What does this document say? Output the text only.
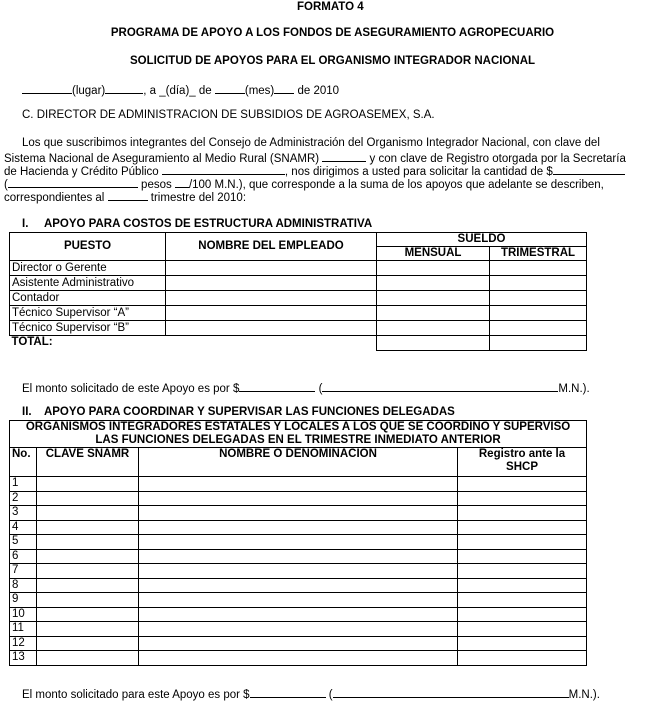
FORMATO 4
PROGRAMA DE APOYO A LOS FONDOS DE ASEGURAMIENTO AGROPECUARIO
SOLICITUD DE APOYOS PARA EL ORGANISMO INTEGRADOR NACIONAL
(lugar)	, a _(día)_ de	(mes) de 2010
C. DIRECTOR DE ADMINISTRACION DE SUBSIDIOS DE AGROASEMEX, S.A.
Los que suscribimos integrantes del Consejo de Administración del Organismo Integrador Nacional, con clave del
Sistema Nacional de Aseguramiento al Medio Rural (SNAMR)	y con clave de Registro otorgada por la Secretaría
de Hacienda y Crédito Público	, nos dirigimos a usted para solicitar la cantidad de $
(	pesos /100 M.N.), que corresponde a la suma de los apoyos que adelante se describen,
correspondientes al	trimestre del 2010:
I.     APOYO PARA COSTOS DE ESTRUCTURA ADMINISTRATIVA
PUESTO	NOMBRE DEL EMPLEADO	SUELDO	
		MENSUAL	TRIMESTRAL
Director o Gerente			
Asistente Administrativo			
Contador			
Técnico Supervisor “A”			
Técnico Supervisor “B”			
TOTAL:			
El monto solicitado de este Apoyo es por $	(	M.N.).
II.    APOYO PARA COORDINAR Y SUPERVISAR LAS FUNCIONES DELEGADAS
ORGANISMOS INTEGRADORES ESTATALES Y LOCALES A LOS QUE SE COORDINO Y SUPERVISO
LAS FUNCIONES DELEGADAS EN EL TRIMESTRE INMEDIATO ANTERIOR			

No.	CLAVE SNAMR	NOMBRE O DENOMINACION	Registro ante la
SHCP

1			
2			
3			
4			
5			
6			
7			
8			
9			
10			
11			
12			
13			
El monto solicitado para este Apoyo es por $	(	M.N.).
